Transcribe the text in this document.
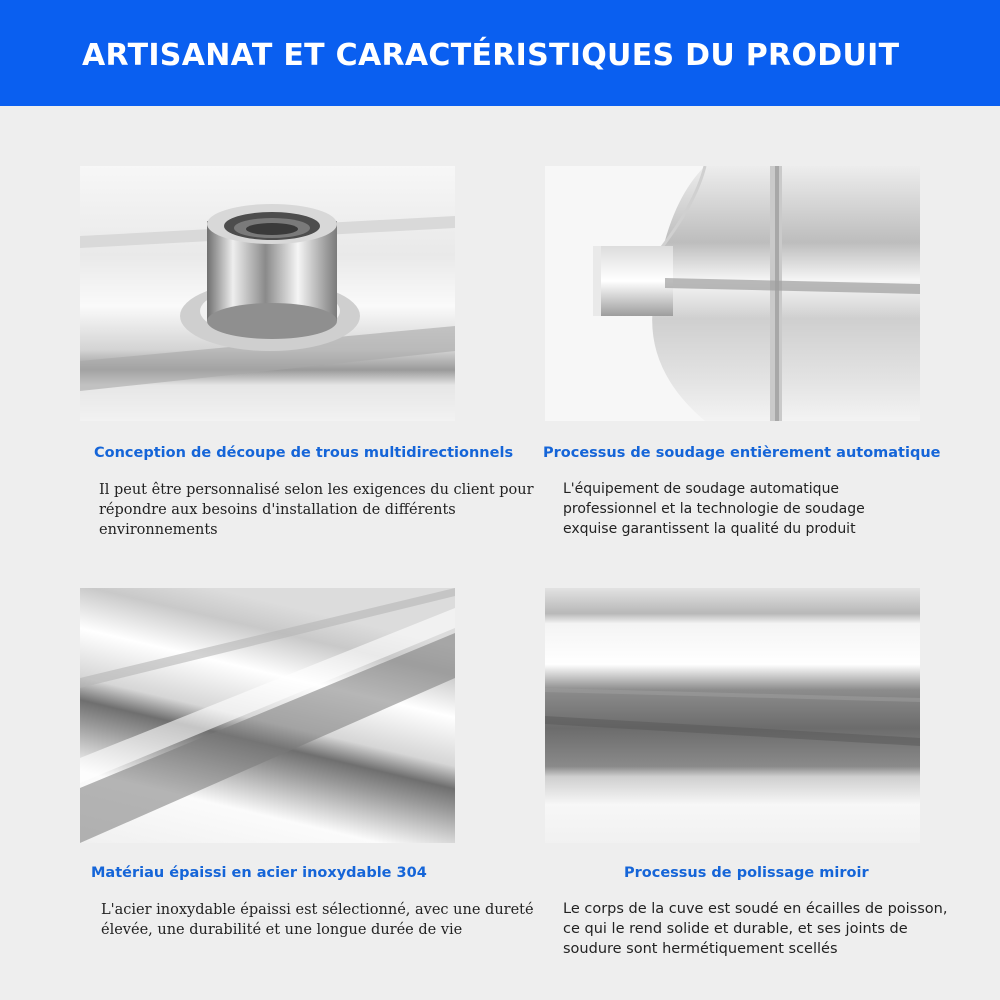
ARTISANAT ET CARACTÉRISTIQUES DU PRODUIT

Conception de découpe de trous multidirectionnels

Il peut être personnalisé selon les exigences du client pour
répondre aux besoins d'installation de différents
environnements

Processus de soudage entièrement automatique

L'équipement de soudage automatique
professionnel et la technologie de soudage
exquise garantissent la qualité du produit

Matériau épaissi en acier inoxydable 304

L'acier inoxydable épaissi est sélectionné, avec une dureté
élevée, une durabilité et une longue durée de vie

Processus de polissage miroir

Le corps de la cuve est soudé en écailles de poisson,
ce qui le rend solide et durable, et ses joints de
soudure sont hermétiquement scellés
